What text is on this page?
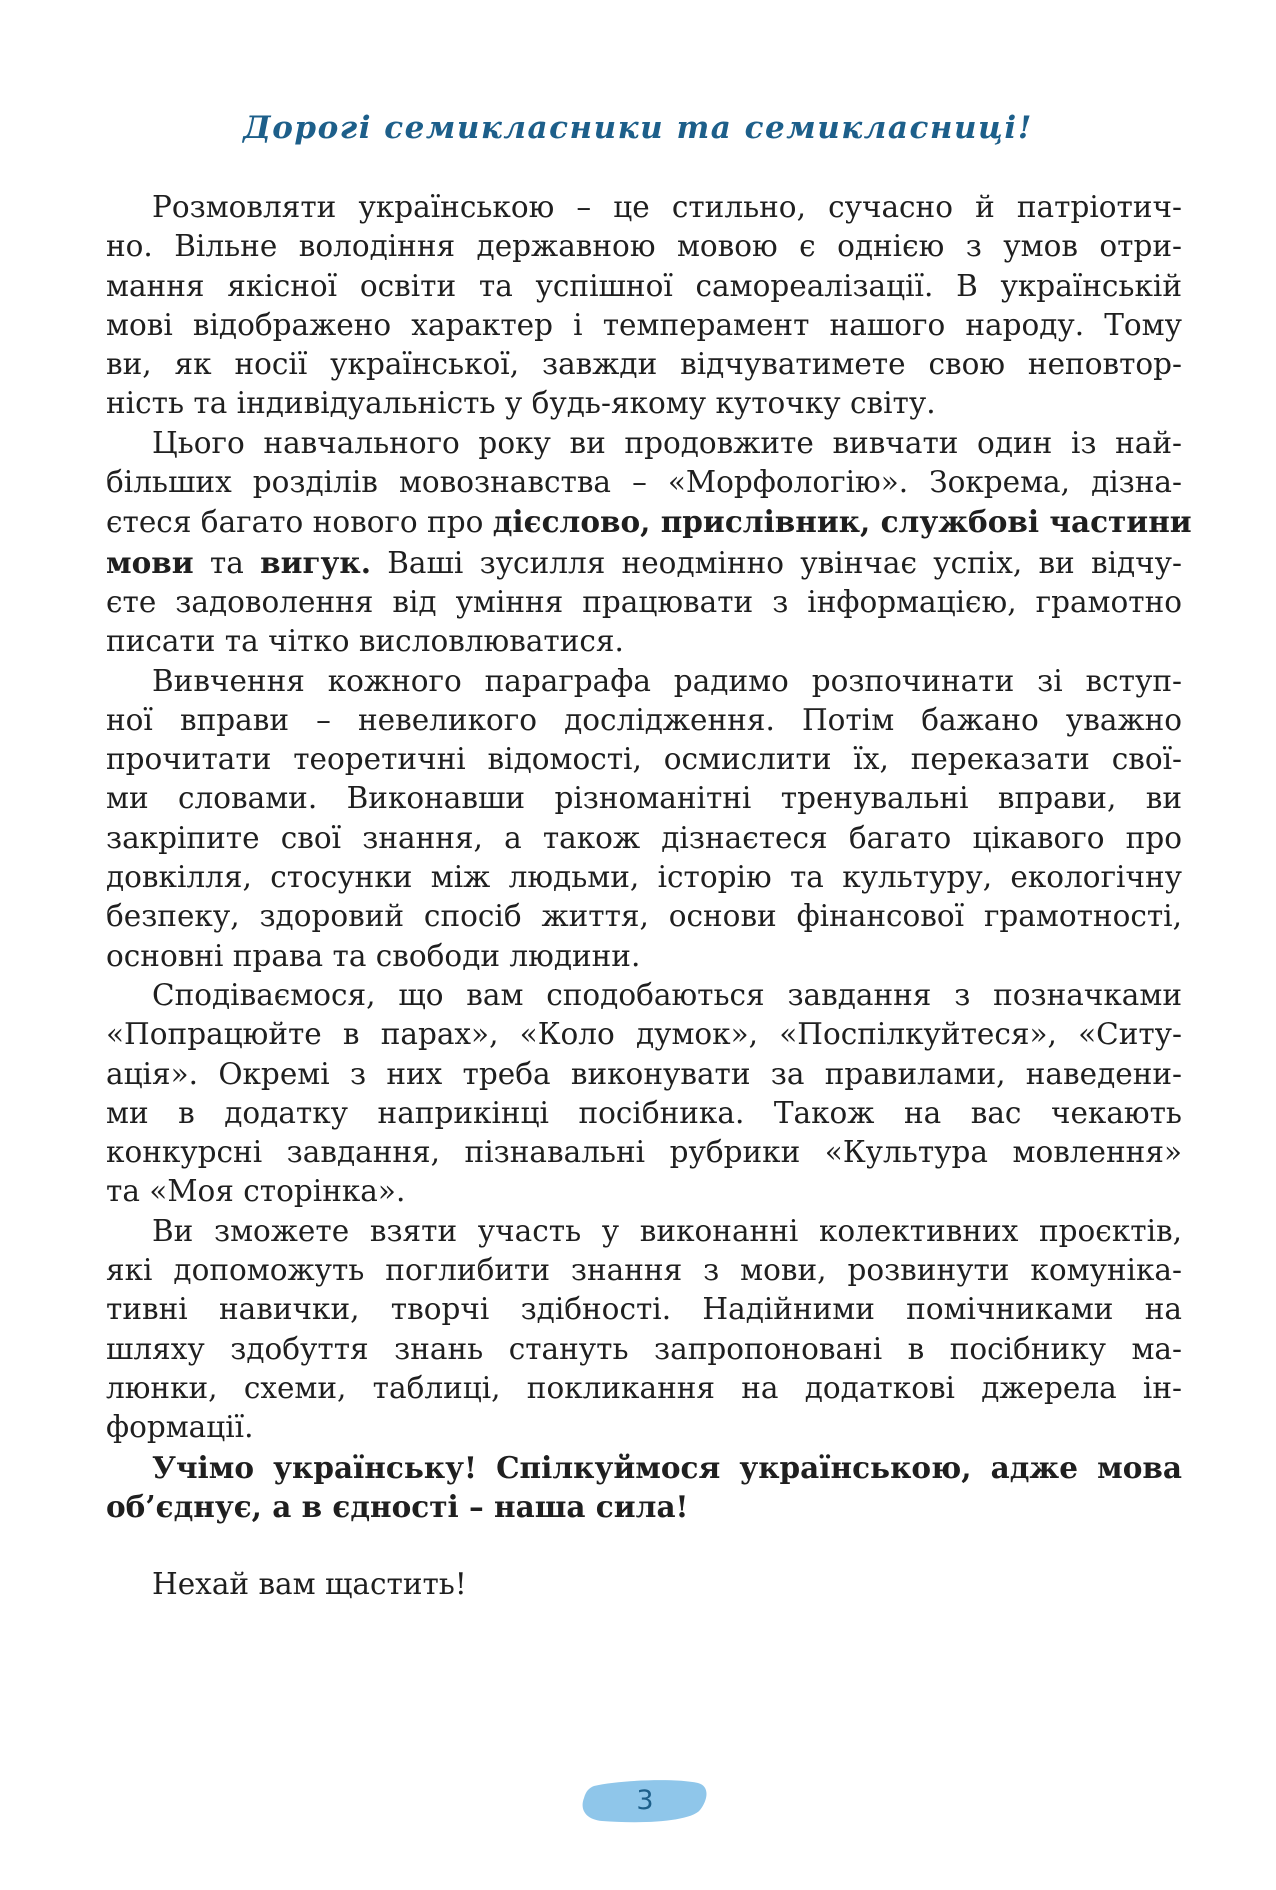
Дорогі семикласники та семикласниці!

Розмовляти українською – це стильно, сучасно й патріотич-
но. Вільне володіння державною мовою є однією з умов отри-
мання якісної освіти та успішної самореалізації. В українській
мові відображено характер і темперамент нашого народу. Тому
ви, як носії української, завжди відчуватимете свою неповтор-
ність та індивідуальність у будь-якому куточку світу.

Цього навчального року ви продовжите вивчати один із най-
більших розділів мовознавства – «Морфологію». Зокрема, дізна-
єтеся багато нового про дієслово, прислівник, службові частини
мови та вигук. Ваші зусилля неодмінно увінчає успіх, ви відчу-
єте задоволення від уміння працювати з інформацією, грамотно
писати та чітко висловлюватися.

Вивчення кожного параграфа радимо розпочинати зі вступ-
ної вправи – невеликого дослідження. Потім бажано уважно
прочитати теоретичні відомості, осмислити їх, переказати свої-
ми словами. Виконавши різноманітні тренувальні вправи, ви
закріпите свої знання, а також дізнаєтеся багато цікавого про
довкілля, стосунки між людьми, історію та культуру, екологічну
безпеку, здоровий спосіб життя, основи фінансової грамотності,
основні права та свободи людини.

Сподіваємося, що вам сподобаються завдання з позначками
«Попрацюйте в парах», «Коло думок», «Поспілкуйтеся», «Ситу-
ація». Окремі з них треба виконувати за правилами, наведени-
ми в додатку наприкінці посібника. Також на вас чекають
конкурсні завдання, пізнавальні рубрики «Культура мовлення»
та «Моя сторінка».

Ви зможете взяти участь у виконанні колективних проєктів,
які допоможуть поглибити знання з мови, розвинути комуніка-
тивні навички, творчі здібності. Надійними помічниками на
шляху здобуття знань стануть запропоновані в посібнику ма-
люнки, схеми, таблиці, покликання на додаткові джерела ін-
формації.

Учімо українську! Спілкуймося українською, адже мова
об’єднує, а в єдності – наша сила!

Нехай вам щастить!

3
